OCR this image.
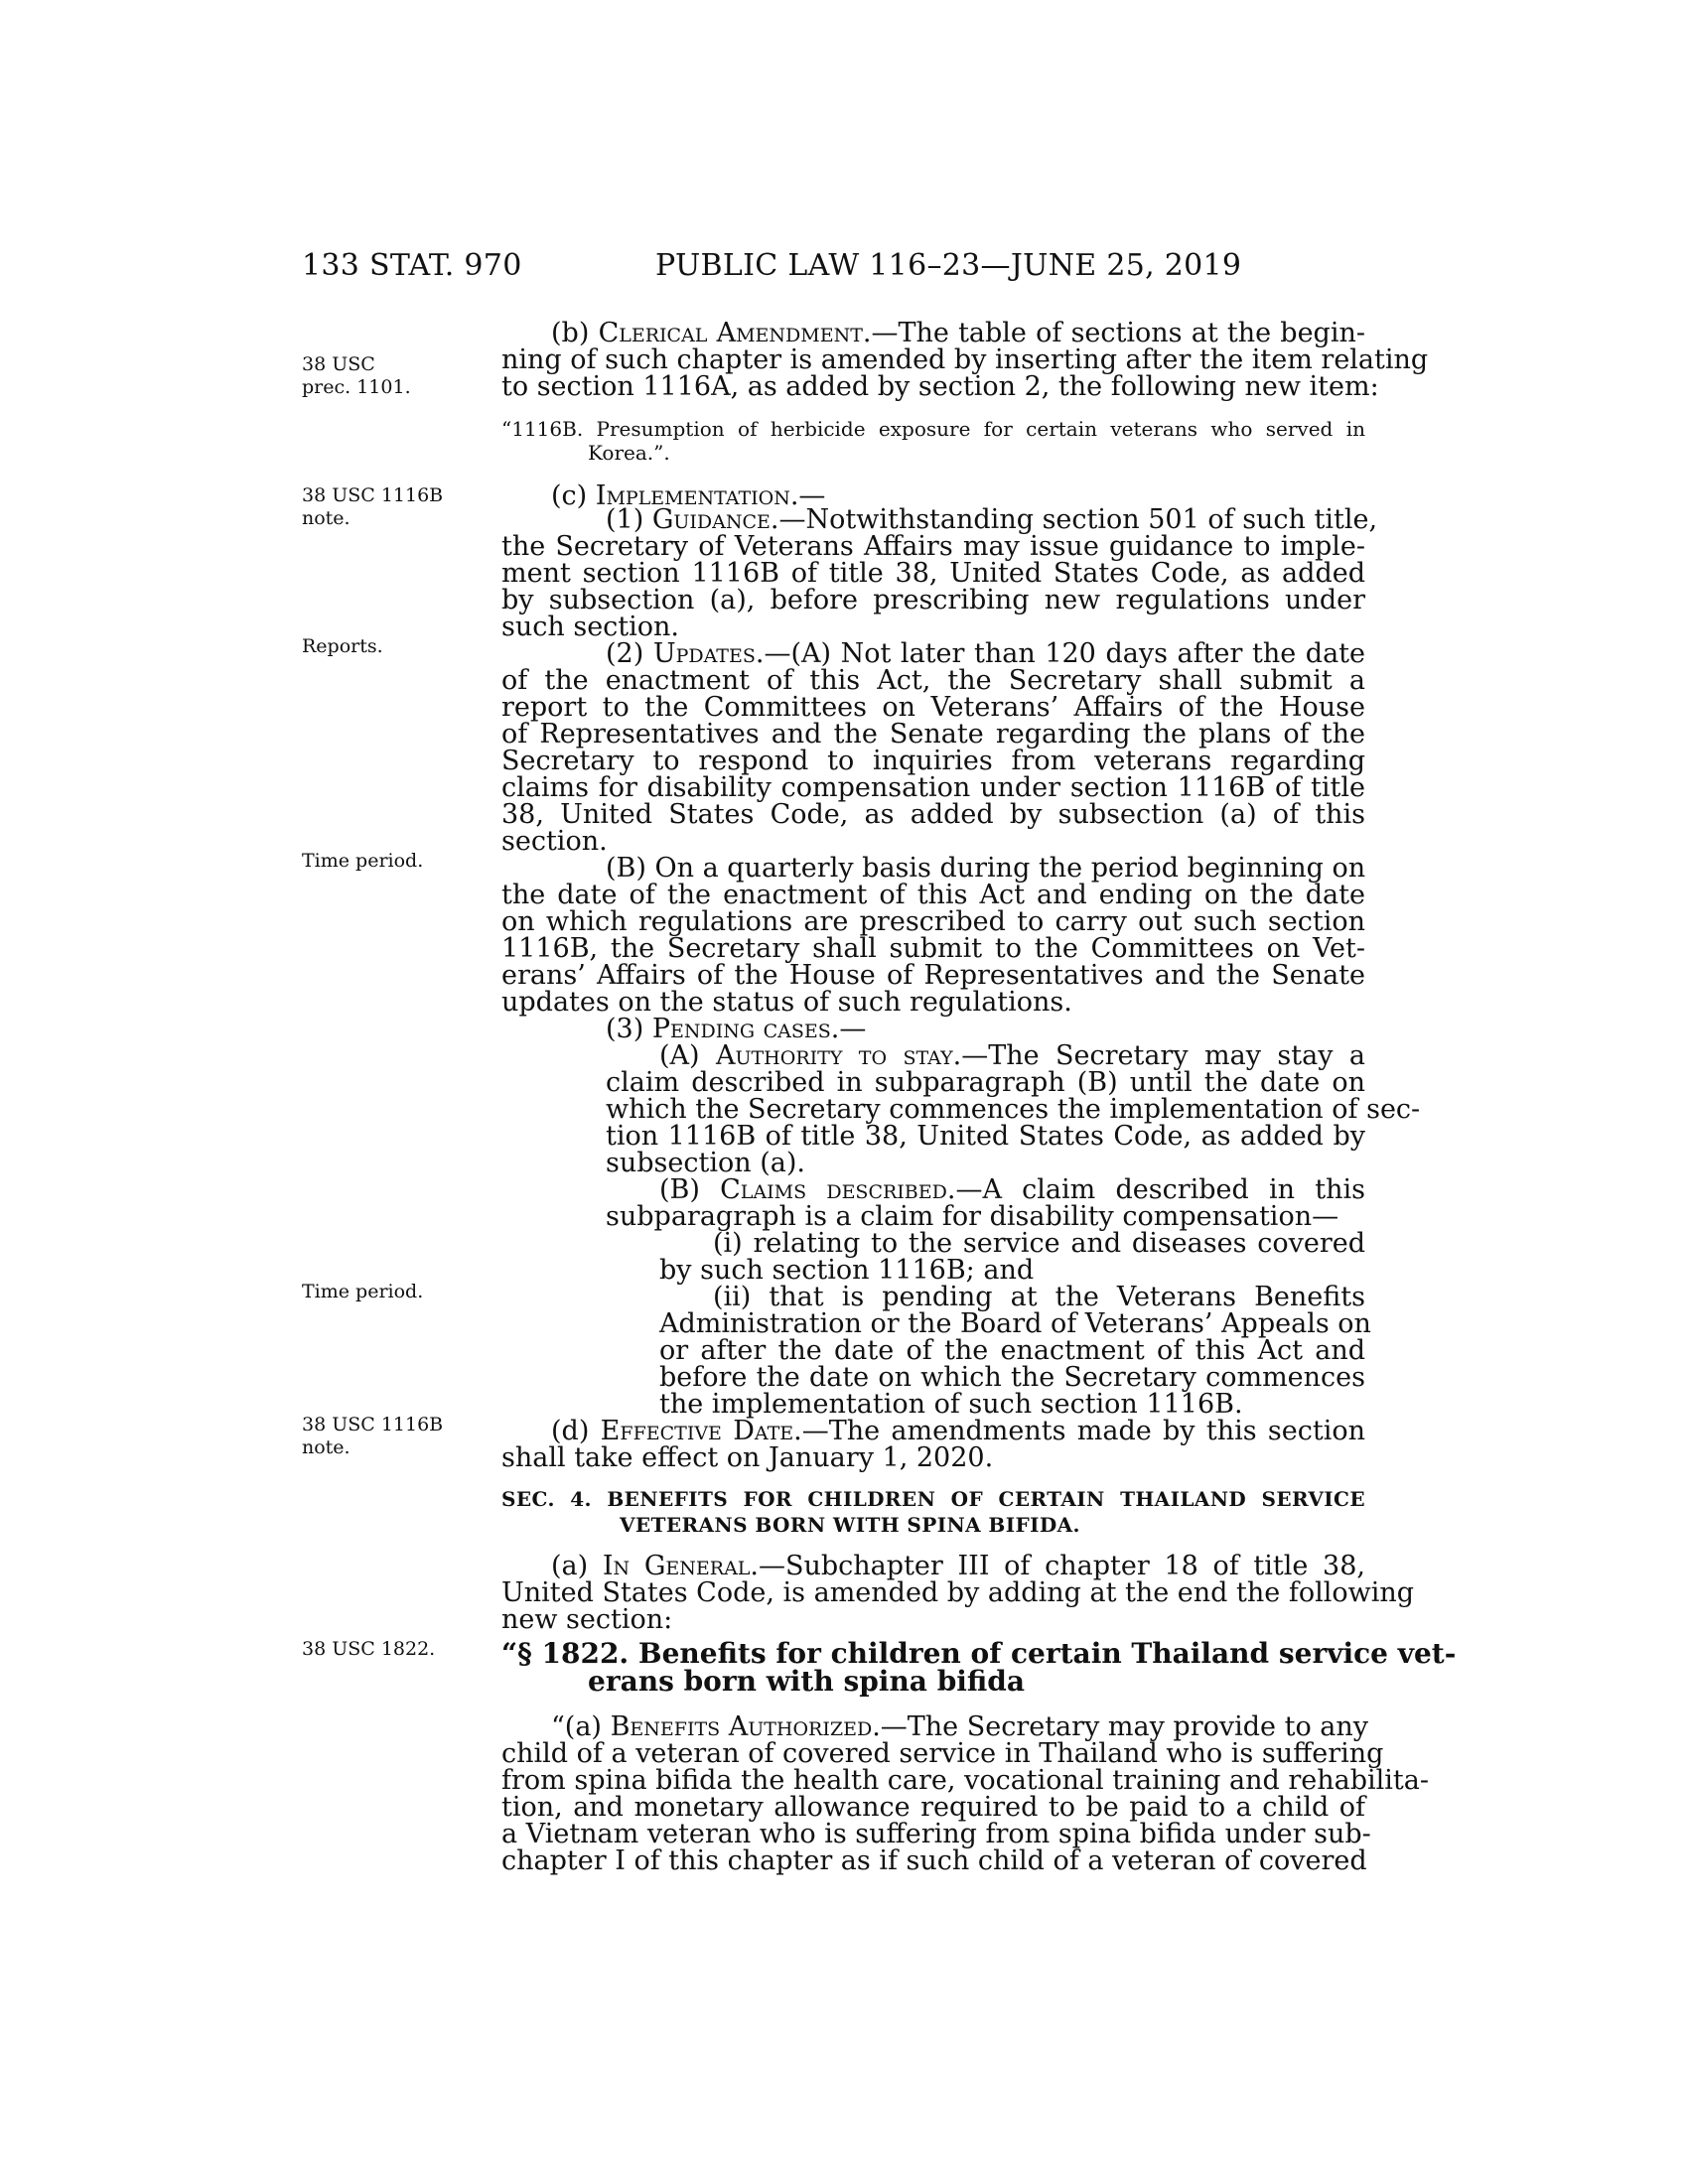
133 STAT. 970	PUBLIC LAW 116–23—JUNE 25, 2019
38 USC
prec. 1101.
38 USC 1116B
note.
Reports.
Time period.
Time period.
38 USC 1116B
note.
38 USC 1822.
(b) Clerical Amendment.—The table of sections at the begin-
ning of such chapter is amended by inserting after the item relating
to section 1116A, as added by section 2, the following new item:
“1116B. Presumption of herbicide exposure for certain veterans who served in
Korea.”.
(c) Implementation.—
(1) Guidance.—Notwithstanding section 501 of such title,
the Secretary of Veterans Affairs may issue guidance to imple-
ment section 1116B of title 38, United States Code, as added
by subsection (a), before prescribing new regulations under
such section.
(2) Updates.—(A) Not later than 120 days after the date
of the enactment of this Act, the Secretary shall submit a
report to the Committees on Veterans’ Affairs of the House
of Representatives and the Senate regarding the plans of the
Secretary to respond to inquiries from veterans regarding
claims for disability compensation under section 1116B of title
38, United States Code, as added by subsection (a) of this
section.
(B) On a quarterly basis during the period beginning on
the date of the enactment of this Act and ending on the date
on which regulations are prescribed to carry out such section
1116B, the Secretary shall submit to the Committees on Vet-
erans’ Affairs of the House of Representatives and the Senate
updates on the status of such regulations.
(3) Pending cases.—
(A) Authority to stay.—The Secretary may stay a
claim described in subparagraph (B) until the date on
which the Secretary commences the implementation of sec-
tion 1116B of title 38, United States Code, as added by
subsection (a).
(B) Claims described.—A claim described in this
subparagraph is a claim for disability compensation—
(i) relating to the service and diseases covered
by such section 1116B; and
(ii) that is pending at the Veterans Benefits
Administration or the Board of Veterans’ Appeals on
or after the date of the enactment of this Act and
before the date on which the Secretary commences
the implementation of such section 1116B.
(d) Effective Date.—The amendments made by this section
shall take effect on January 1, 2020.
SEC. 4. BENEFITS FOR CHILDREN OF CERTAIN THAILAND SERVICE
VETERANS BORN WITH SPINA BIFIDA.
(a) In General.—Subchapter III of chapter 18 of title 38,
United States Code, is amended by adding at the end the following
new section:
“§ 1822. Benefits for children of certain Thailand service vet-
erans born with spina bifida
“(a) Benefits Authorized.—The Secretary may provide to any
child of a veteran of covered service in Thailand who is suffering
from spina bifida the health care, vocational training and rehabilita-
tion, and monetary allowance required to be paid to a child of
a Vietnam veteran who is suffering from spina bifida under sub-
chapter I of this chapter as if such child of a veteran of covered
